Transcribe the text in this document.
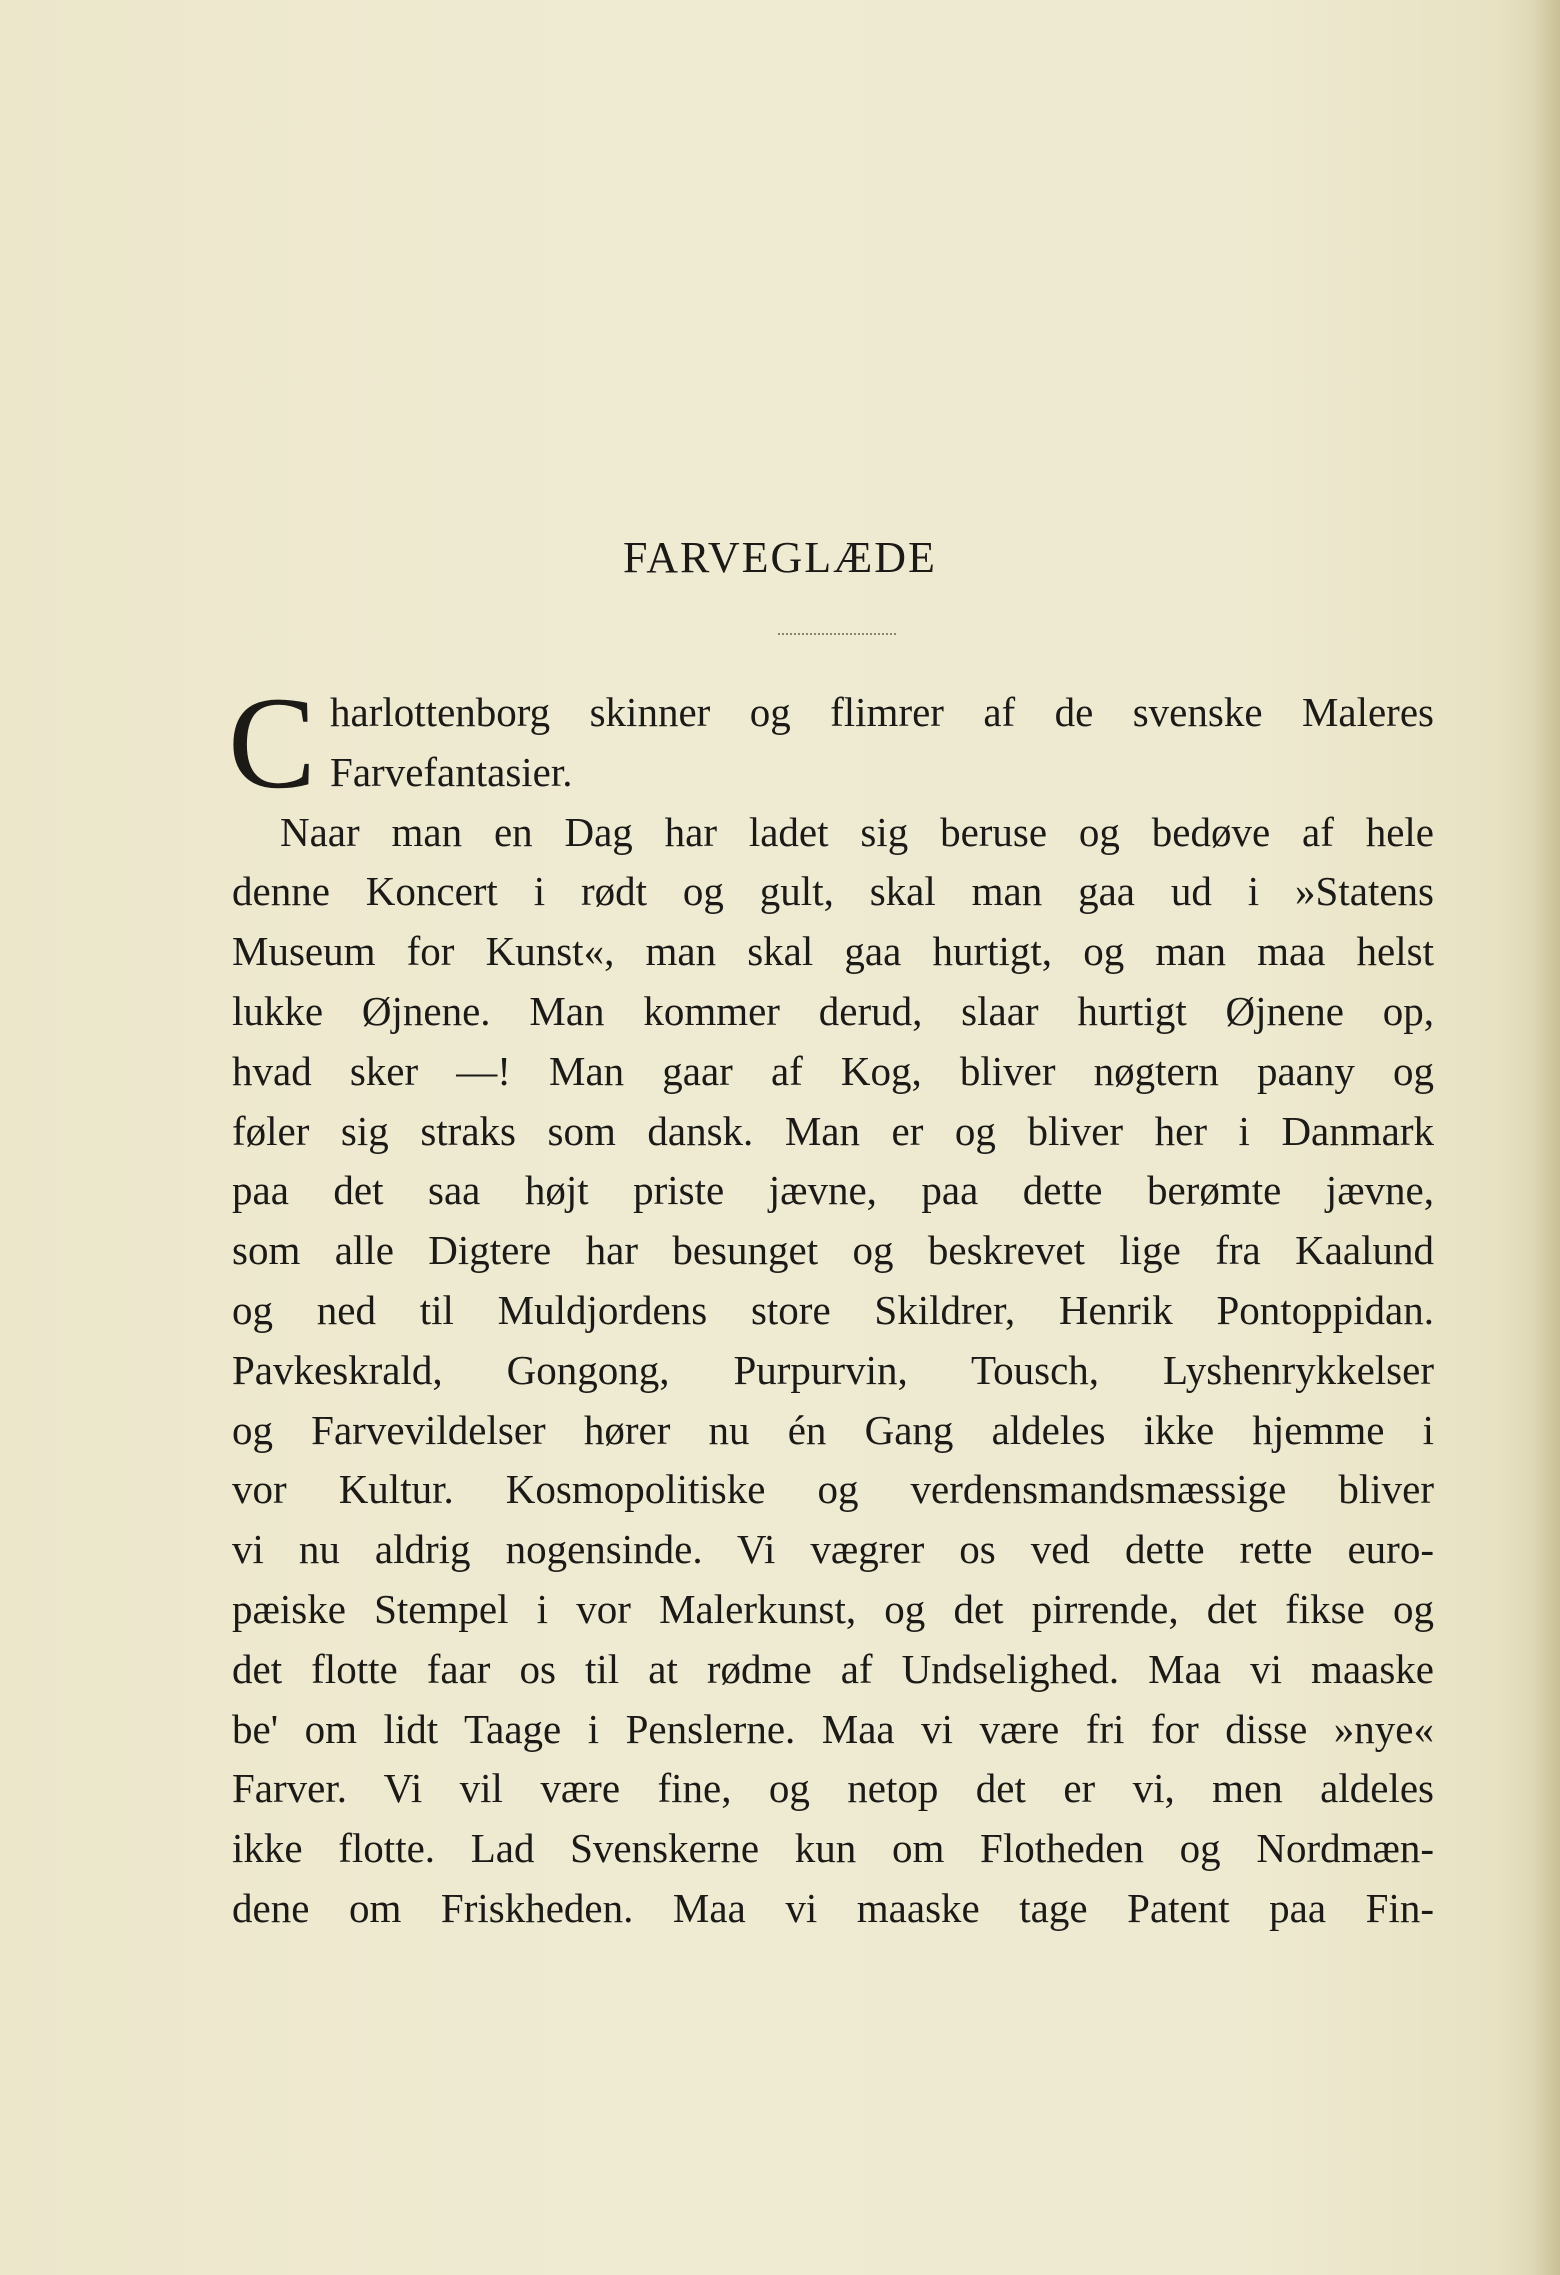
FARVEGLÆDE
C harlottenborg skinner og flimrer af de svenske Maleres
Farvefantasier.
Naar man en Dag har ladet sig beruse og bedøve af hele
denne Koncert i rødt og gult, skal man gaa ud i »Statens
Museum for Kunst«, man skal gaa hurtigt, og man maa helst
lukke Øjnene. Man kommer derud, slaar hurtigt Øjnene op,
hvad sker —! Man gaar af Kog, bliver nøgtern paany og
føler sig straks som dansk. Man er og bliver her i Danmark
paa det saa højt priste jævne, paa dette berømte jævne,
som alle Digtere har besunget og beskrevet lige fra Kaalund
og ned til Muldjordens store Skildrer, Henrik Pontoppidan.
Pavkeskrald, Gongong, Purpurvin, Tousch, Lyshenrykkelser
og Farvevildelser hører nu én Gang aldeles ikke hjemme i
vor Kultur. Kosmopolitiske og verdensmandsmæssige bliver
vi nu aldrig nogensinde. Vi vægrer os ved dette rette euro-
pæiske Stempel i vor Malerkunst, og det pirrende, det fikse og
det flotte faar os til at rødme af Undselighed. Maa vi maaske
be' om lidt Taage i Penslerne. Maa vi være fri for disse »nye«
Farver. Vi vil være fine, og netop det er vi, men aldeles
ikke flotte. Lad Svenskerne kun om Flotheden og Nordmæn-
dene om Friskheden. Maa vi maaske tage Patent paa Fin-
